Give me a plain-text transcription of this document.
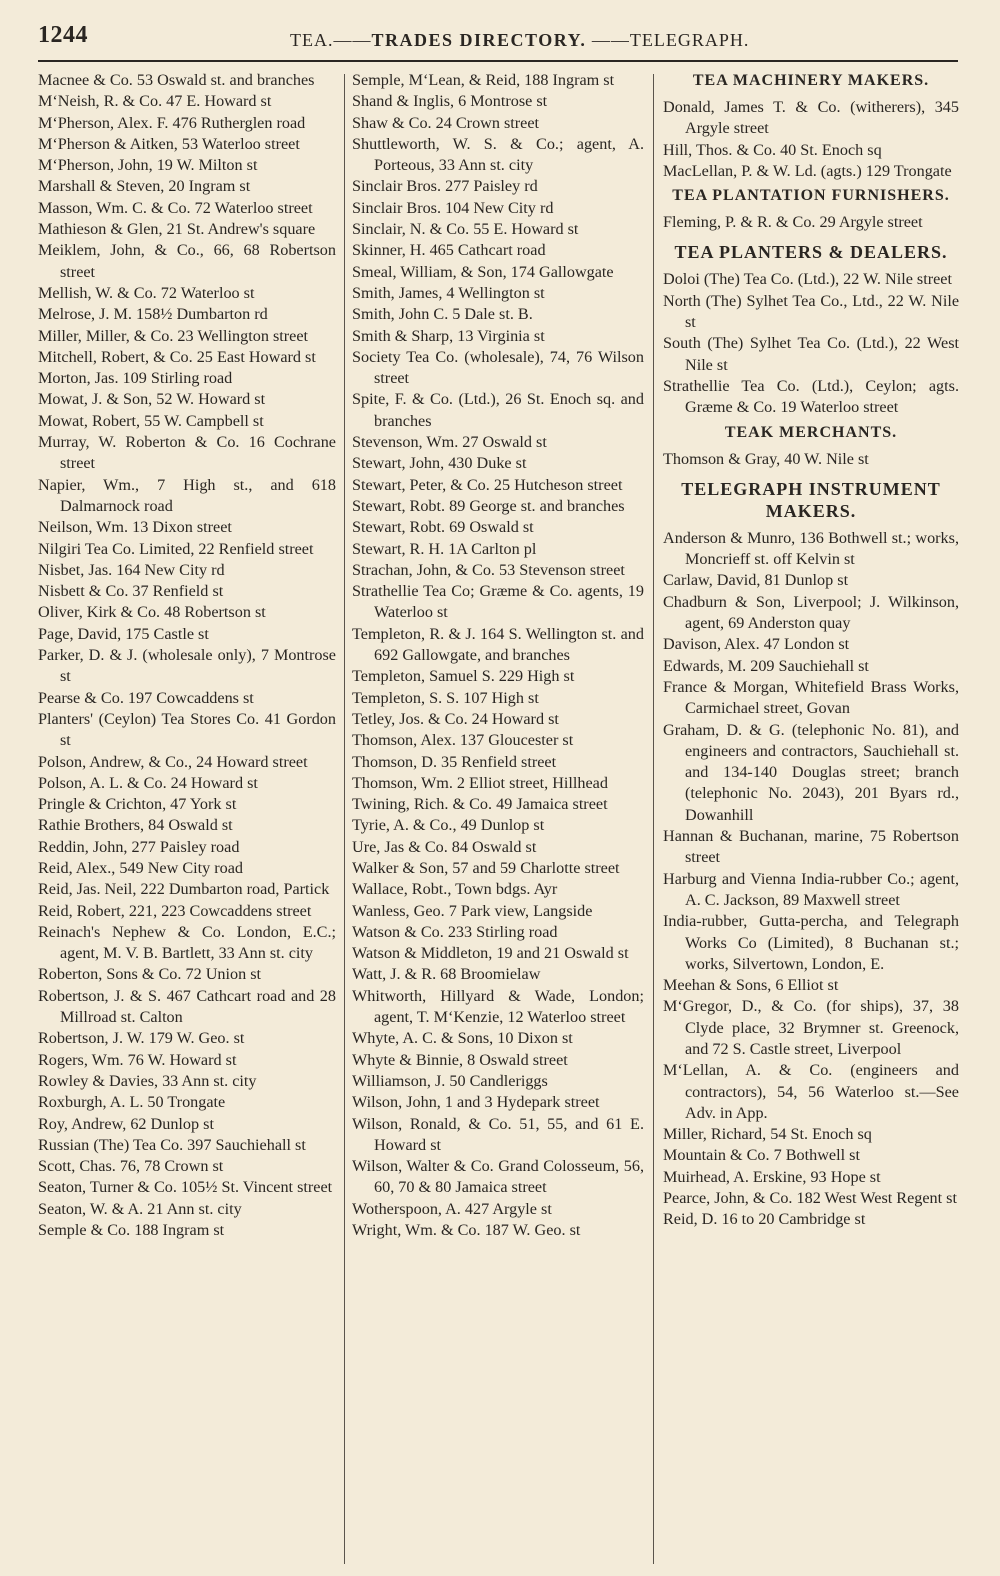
1244	TEA.——TRADES DIRECTORY. ——TELEGRAPH.
Macnee & Co. 53 Oswald st. and branches
M‘Neish, R. & Co. 47 E. Howard st
M‘Pherson, Alex. F. 476 Rutherglen road
M‘Pherson & Aitken, 53 Waterloo street
M‘Pherson, John, 19 W. Milton st
Marshall & Steven, 20 Ingram st
Masson, Wm. C. & Co. 72 Waterloo street
Mathieson & Glen, 21 St. Andrew's square
Meiklem, John, & Co., 66, 68 Robertson street
Mellish, W. & Co. 72 Waterloo st
Melrose, J. M. 158½ Dumbarton rd
Miller, Miller, & Co. 23 Wellington street
Mitchell, Robert, & Co. 25 East Howard st
Morton, Jas. 109 Stirling road
Mowat, J. & Son, 52 W. Howard st
Mowat, Robert, 55 W. Campbell st
Murray, W. Roberton & Co. 16 Cochrane street
Napier, Wm., 7 High st., and 618 Dalmarnock road
Neilson, Wm. 13 Dixon street
Nilgiri Tea Co. Limited, 22 Renfield street
Nisbet, Jas. 164 New City rd
Nisbett & Co. 37 Renfield st
Oliver, Kirk & Co. 48 Robertson st
Page, David, 175 Castle st
Parker, D. & J. (wholesale only), 7 Montrose st
Pearse & Co. 197 Cowcaddens st
Planters' (Ceylon) Tea Stores Co. 41 Gordon st
Polson, Andrew, & Co., 24 Howard street
Polson, A. L. & Co. 24 Howard st
Pringle & Crichton, 47 York st
Rathie Brothers, 84 Oswald st
Reddin, John, 277 Paisley road
Reid, Alex., 549 New City road
Reid, Jas. Neil, 222 Dumbarton road, Partick
Reid, Robert, 221, 223 Cowcaddens street
Reinach's Nephew & Co. London, E.C.; agent, M. V. B. Bartlett, 33 Ann st. city
Roberton, Sons & Co. 72 Union st
Robertson, J. & S. 467 Cathcart road and 28 Millroad st. Calton
Robertson, J. W. 179 W. Geo. st
Rogers, Wm. 76 W. Howard st
Rowley & Davies, 33 Ann st. city
Roxburgh, A. L. 50 Trongate
Roy, Andrew, 62 Dunlop st
Russian (The) Tea Co. 397 Sauchiehall st
Scott, Chas. 76, 78 Crown st
Seaton, Turner & Co. 105½ St. Vincent street
Seaton, W. & A. 21 Ann st. city
Semple & Co. 188 Ingram st
Semple, M‘Lean, & Reid, 188 Ingram st
Shand & Inglis, 6 Montrose st
Shaw & Co. 24 Crown street
Shuttleworth, W. S. & Co.; agent, A. Porteous, 33 Ann st. city
Sinclair Bros. 277 Paisley rd
Sinclair Bros. 104 New City rd
Sinclair, N. & Co. 55 E. Howard st
Skinner, H. 465 Cathcart road
Smeal, William, & Son, 174 Gallowgate
Smith, James, 4 Wellington st
Smith, John C. 5 Dale st. B.
Smith & Sharp, 13 Virginia st
Society Tea Co. (wholesale), 74, 76 Wilson street
Spite, F. & Co. (Ltd.), 26 St. Enoch sq. and branches
Stevenson, Wm. 27 Oswald st
Stewart, John, 430 Duke st
Stewart, Peter, & Co. 25 Hutcheson street
Stewart, Robt. 89 George st. and branches
Stewart, Robt. 69 Oswald st
Stewart, R. H. 1A Carlton pl
Strachan, John, & Co. 53 Stevenson street
Strathellie Tea Co; Græme & Co. agents, 19 Waterloo st
Templeton, R. & J. 164 S. Wellington st. and 692 Gallowgate, and branches
Templeton, Samuel S. 229 High st
Templeton, S. S. 107 High st
Tetley, Jos. & Co. 24 Howard st
Thomson, Alex. 137 Gloucester st
Thomson, D. 35 Renfield street
Thomson, Wm. 2 Elliot street, Hillhead
Twining, Rich. & Co. 49 Jamaica street
Tyrie, A. & Co., 49 Dunlop st
Ure, Jas & Co. 84 Oswald st
Walker & Son, 57 and 59 Charlotte street
Wallace, Robt., Town bdgs. Ayr
Wanless, Geo. 7 Park view, Langside
Watson & Co. 233 Stirling road
Watson & Middleton, 19 and 21 Oswald st
Watt, J. & R. 68 Broomielaw
Whitworth, Hillyard & Wade, London; agent, T. M‘Kenzie, 12 Waterloo street
Whyte, A. C. & Sons, 10 Dixon st
Whyte & Binnie, 8 Oswald street
Williamson, J. 50 Candleriggs
Wilson, John, 1 and 3 Hydepark street
Wilson, Ronald, & Co. 51, 55, and 61 E. Howard st
Wilson, Walter & Co. Grand Colosseum, 56, 60, 70 & 80 Jamaica street
Wotherspoon, A. 427 Argyle st
Wright, Wm. & Co. 187 W. Geo. st
TEA MACHINERY MAKERS.
Donald, James T. & Co. (witherers), 345 Argyle street
Hill, Thos. & Co. 40 St. Enoch sq
MacLellan, P. & W. Ld. (agts.) 129 Trongate
TEA PLANTATION FURNISHERS.
Fleming, P. & R. & Co. 29 Argyle street
TEA PLANTERS & DEALERS.
Doloi (The) Tea Co. (Ltd.), 22 W. Nile street
North (The) Sylhet Tea Co., Ltd., 22 W. Nile st
South (The) Sylhet Tea Co. (Ltd.), 22 West Nile st
Strathellie Tea Co. (Ltd.), Ceylon; agts. Græme & Co. 19 Waterloo street
TEAK MERCHANTS.
Thomson & Gray, 40 W. Nile st
TELEGRAPH INSTRUMENT MAKERS.
Anderson & Munro, 136 Bothwell st.; works, Moncrieff st. off Kelvin st
Carlaw, David, 81 Dunlop st
Chadburn & Son, Liverpool; J. Wilkinson, agent, 69 Anderston quay
Davison, Alex. 47 London st
Edwards, M. 209 Sauchiehall st
France & Morgan, Whitefield Brass Works, Carmichael street, Govan
Graham, D. & G. (telephonic No. 81), and engineers and contractors, Sauchiehall st. and 134-140 Douglas street; branch (telephonic No. 2043), 201 Byars rd., Dowanhill
Hannan & Buchanan, marine, 75 Robertson street
Harburg and Vienna India-rubber Co.; agent, A. C. Jackson, 89 Maxwell street
India-rubber, Gutta-percha, and Telegraph Works Co (Limited), 8 Buchanan st.; works, Silvertown, London, E.
Meehan & Sons, 6 Elliot st
M‘Gregor, D., & Co. (for ships), 37, 38 Clyde place, 32 Brymner st. Greenock, and 72 S. Castle street, Liverpool
M‘Lellan, A. & Co. (engineers and contractors), 54, 56 Waterloo st.—See Adv. in App.
Miller, Richard, 54 St. Enoch sq
Mountain & Co. 7 Bothwell st
Muirhead, A. Erskine, 93 Hope st
Pearce, John, & Co. 182 West West Regent st
Reid, D. 16 to 20 Cambridge st
